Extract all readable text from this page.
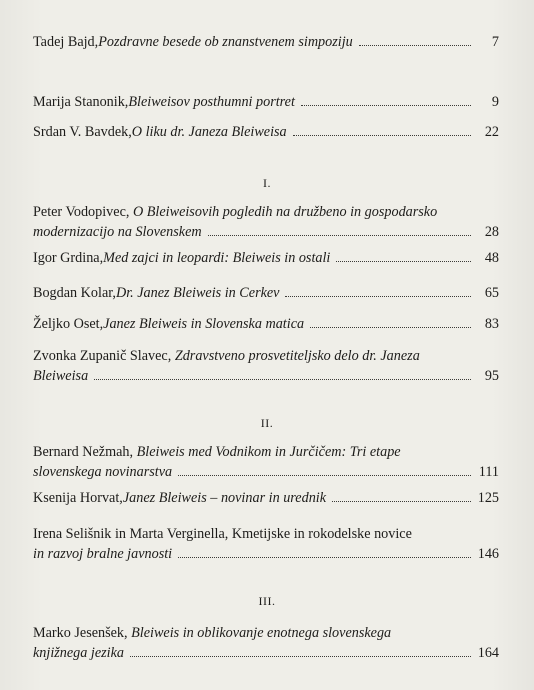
Tadej Bajd, Pozdravne besede ob znanstvenem simpoziju	7
Marija Stanonik, Bleiweisov posthumni portret	9
Srdan V. Bavdek, O liku dr. Janeza Bleiweisa	22
I.
Peter Vodopivec, O Bleiweisovih pogledih na družbeno in gospodarsko
modernizacijo na Slovenskem	28
Igor Grdina, Med zajci in leopardi: Bleiweis in ostali	48
Bogdan Kolar, Dr. Janez Bleiweis in Cerkev	65
Željko Oset, Janez Bleiweis in Slovenska matica	83
Zvonka Zupanič Slavec, Zdravstveno prosvetiteljsko delo dr. Janeza
Bleiweisa	95
II.
Bernard Nežmah, Bleiweis med Vodnikom in Jurčičem: Tri etape
slovenskega novinarstva	111
Ksenija Horvat, Janez Bleiweis – novinar in urednik	125
Irena Selišnik in Marta Verginella, Kmetijske in rokodelske novice
in razvoj bralne javnosti	146
III.
Marko Jesenšek, Bleiweis in oblikovanje enotnega slovenskega
knjižnega jezika	164
